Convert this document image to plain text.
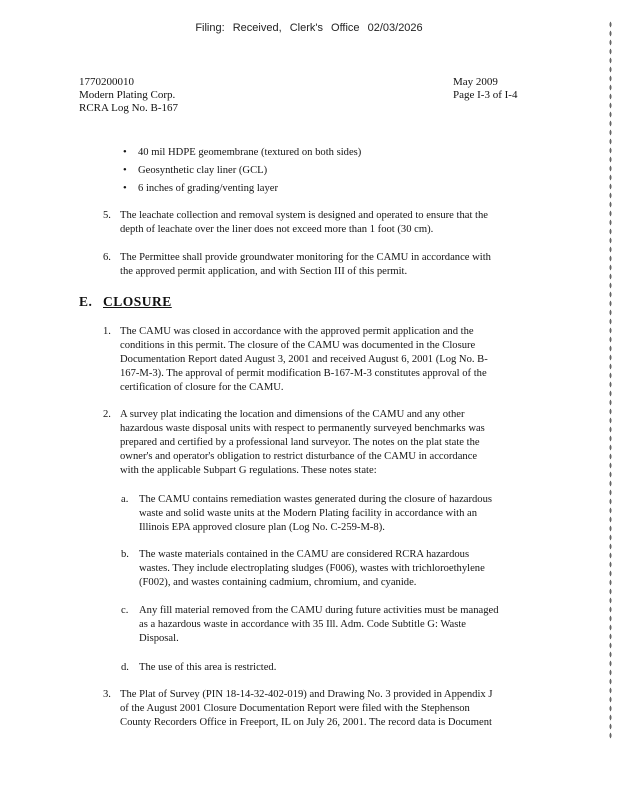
Filing: Received, Clerk's Office 02/03/2026
1770200010
Modern Plating Corp.
RCRA Log No. B-167
May 2009
Page I-3 of I-4
• 40 mil HDPE geomembrane (textured on both sides)
• Geosynthetic clay liner (GCL)
• 6 inches of grading/venting layer
5. The leachate collection and removal system is designed and operated to ensure that the
depth of leachate over the liner does not exceed more than 1 foot (30 cm).
6. The Permittee shall provide groundwater monitoring for the CAMU in accordance with
the approved permit application, and with Section III of this permit.
E. CLOSURE
1. The CAMU was closed in accordance with the approved permit application and the
conditions in this permit. The closure of the CAMU was documented in the Closure
Documentation Report dated August 3, 2001 and received August 6, 2001 (Log No. B-
167-M-3). The approval of permit modification B-167-M-3 constitutes approval of the
certification of closure for the CAMU.
2. A survey plat indicating the location and dimensions of the CAMU and any other
hazardous waste disposal units with respect to permanently surveyed benchmarks was
prepared and certified by a professional land surveyor. The notes on the plat state the
owner's and operator's obligation to restrict disturbance of the CAMU in accordance
with the applicable Subpart G regulations. These notes state:
a. The CAMU contains remediation wastes generated during the closure of hazardous
waste and solid waste units at the Modern Plating facility in accordance with an
Illinois EPA approved closure plan (Log No. C-259-M-8).
b. The waste materials contained in the CAMU are considered RCRA hazardous
wastes. They include electroplating sludges (F006), wastes with trichloroethylene
(F002), and wastes containing cadmium, chromium, and cyanide.
c. Any fill material removed from the CAMU during future activities must be managed
as a hazardous waste in accordance with 35 Ill. Adm. Code Subtitle G: Waste
Disposal.
d. The use of this area is restricted.
3. The Plat of Survey (PIN 18-14-32-402-019) and Drawing No. 3 provided in Appendix J
of the August 2001 Closure Documentation Report were filed with the Stephenson
County Recorders Office in Freeport, IL on July 26, 2001. The record data is Document
